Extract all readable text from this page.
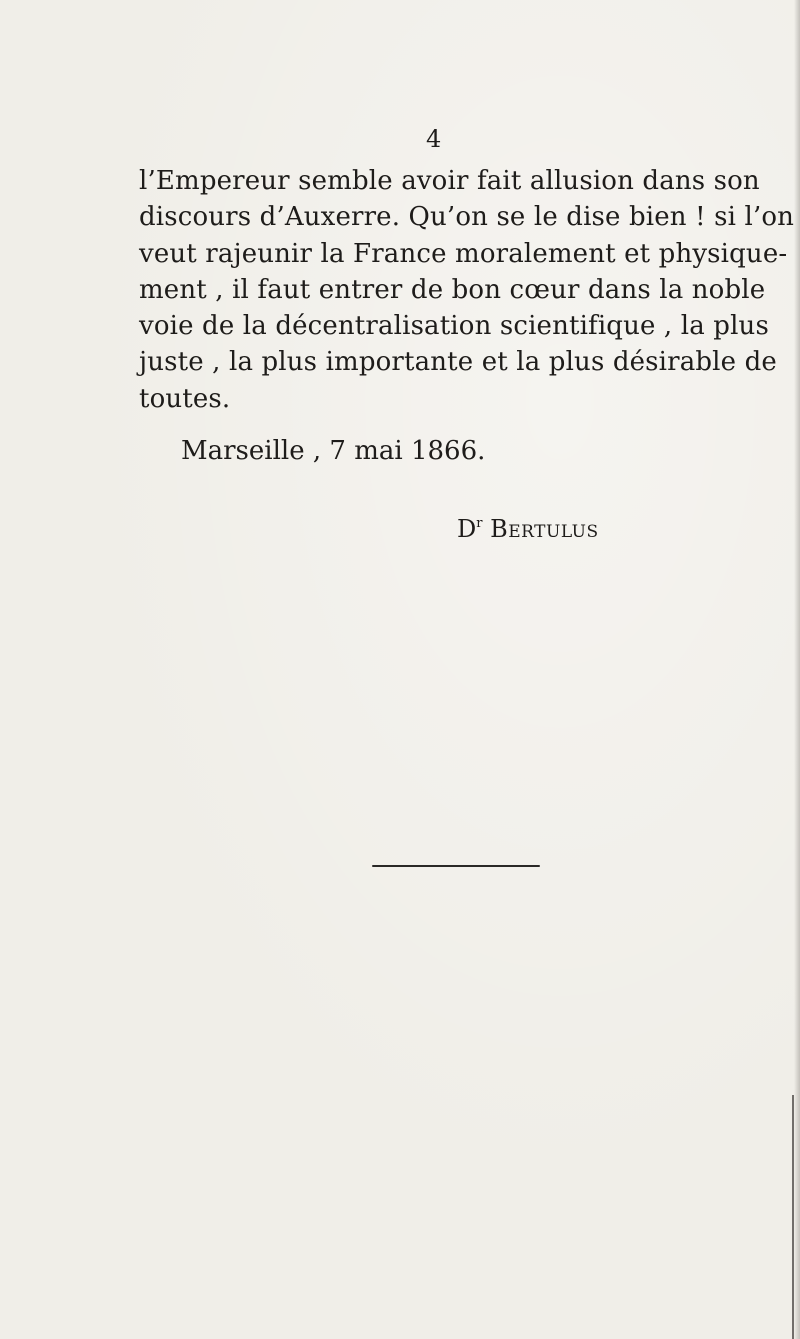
4
l’Empereur semble avoir fait allusion dans son
discours d’Auxerre. Qu’on se le dise bien ! si l’on
veut rajeunir la France moralement et physique-
ment , il faut entrer de bon cœur dans la noble
voie de la décentralisation scientifique , la plus
juste , la plus importante et la plus désirable de
toutes.
Marseille , 7 mai 1866.
$D^r$ Bertulus
